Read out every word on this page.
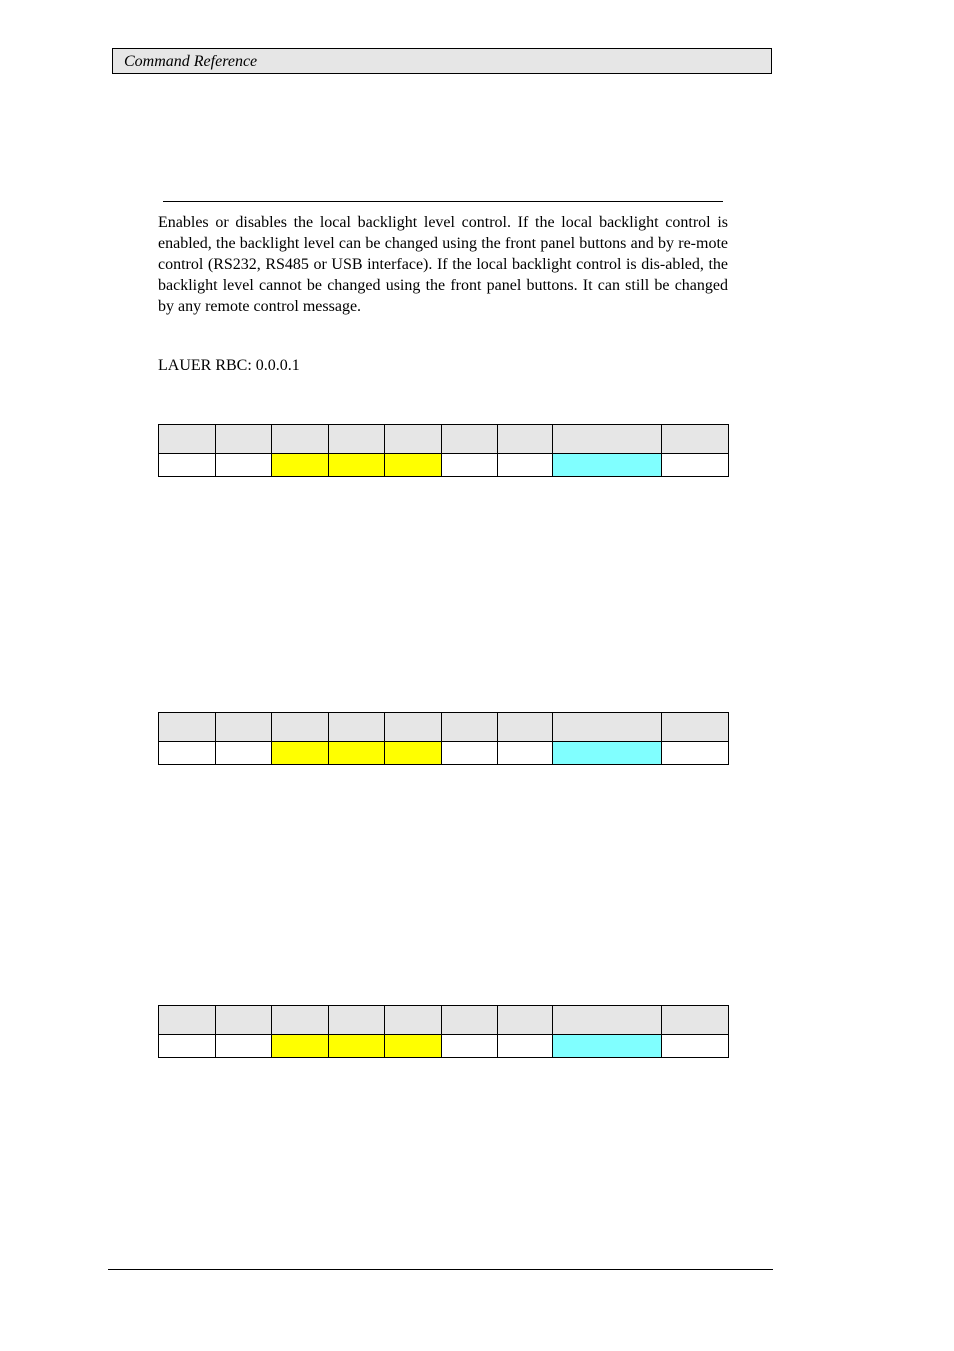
Command Reference

Enables or disables the local backlight level control. If the local backlight control is enabled, the backlight level can be changed using the front panel buttons and by re-mote control (RS232, RS485 or USB interface). If the local backlight control is dis-abled, the backlight level cannot be changed using the front panel buttons. It can still be changed by any remote control message.

LAUER RBC: 0.0.0.1
